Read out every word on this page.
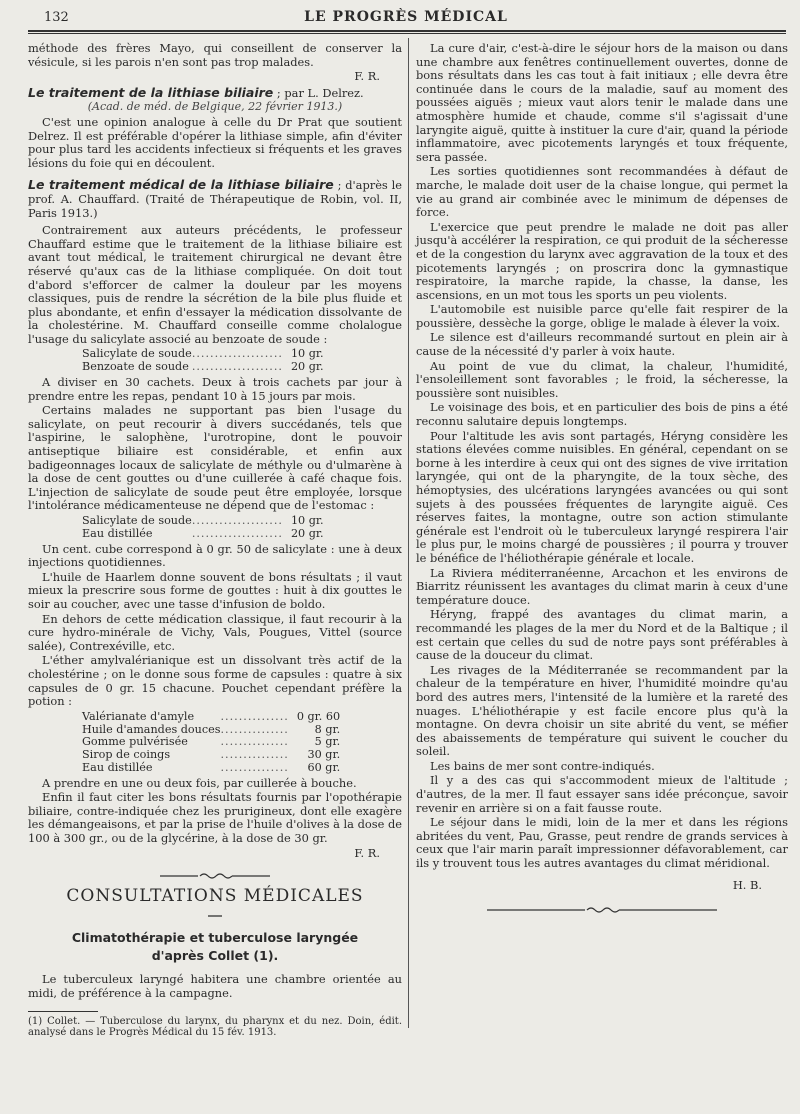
132	LE PROGRÈS MÉDICAL

méthode des frères Mayo, qui conseillent de conserver la vésicule, si les parois n'en sont pas trop malades.

F. R.

Le traitement de la lithiase biliaire ; par L. Delrez.
(Acad. de méd. de Belgique, 22 février 1913.)

C'est une opinion analogue à celle du Dr Prat que soutient Delrez. Il est préférable d'opérer la lithiase simple, afin d'éviter pour plus tard les accidents infectieux si fréquents et les graves lésions du foie qui en découlent.

Le traitement médical de la lithiase biliaire ; d'après le prof. A. Chauffard. (Traité de Thérapeutique de Robin, vol. II, Paris 1913.)

Contrairement aux auteurs précédents, le professeur Chauffard estime que le traitement de la lithiase biliaire est avant tout médical, le traitement chirurgical ne devant être réservé qu'aux cas de la lithiase compliquée. On doit tout d'abord s'efforcer de calmer la douleur par les moyens classiques, puis de rendre la sécrétion de la bile plus fluide et plus abondante, et enfin d'essayer la médication dissolvante de la cholestérine. M. Chauffard conseille comme cholalogue l'usage du salicylate associé au benzoate de soude :

Salicylate de soude	....................	10 gr.
Benzoate de soude	....................	20 gr.

A diviser en 30 cachets. Deux à trois cachets par jour à prendre entre les repas, pendant 10 à 15 jours par mois.

Certains malades ne supportant pas bien l'usage du salicylate, on peut recourir à divers succédanés, tels que l'aspirine, le salophène, l'urotropine, dont le pouvoir antiseptique biliaire est considérable, et enfin aux badigeonnages locaux de salicylate de méthyle ou d'ulmarène à la dose de cent gouttes ou d'une cuillerée à café chaque fois. L'injection de salicylate de soude peut être employée, lorsque l'intolérance médicamenteuse ne dépend que de l'estomac :

Salicylate de soude	....................	10 gr.
Eau distillée	....................	20 gr.

Un cent. cube correspond à 0 gr. 50 de salicylate : une à deux injections quotidiennes.

L'huile de Haarlem donne souvent de bons résultats ; il vaut mieux la prescrire sous forme de gouttes : huit à dix gouttes le soir au coucher, avec une tasse d'infusion de boldo.

En dehors de cette médication classique, il faut recourir à la cure hydro-minérale de Vichy, Vals, Pougues, Vittel (source salée), Contrexéville, etc.

L'éther amylvalérianique est un dissolvant très actif de la cholestérine ; on le donne sous forme de capsules : quatre à six capsules de 0 gr. 15 chacune. Pouchet cependant préfère la potion :

Valérianate d'amyle	...............	0 gr. 60
Huile d'amandes douces	...............	8 gr.
Gomme pulvérisée	...............	5 gr.
Sirop de coings	...............	30 gr.
Eau distillée	...............	60 gr.

A prendre en une ou deux fois, par cuillerée à bouche.

Enfin il faut citer les bons résultats fournis par l'opothérapie biliaire, contre-indiquée chez les prurigineux, dont elle exagère les démangeaisons, et par la prise de l'huile d'olives à la dose de 100 à 300 gr., ou de la glycérine, à la dose de 30 gr.

F. R.

CONSULTATIONS MÉDICALES
Climatothérapie et tuberculose laryngée
d'après Collet (1).

Le tuberculeux laryngé habitera une chambre orientée au midi, de préférence à la campagne.

(1) Collet. — Tuberculose du larynx, du pharynx et du nez. Doin, édit. analysé dans le Progrès Médical du 15 fév. 1913.

La cure d'air, c'est-à-dire le séjour hors de la maison ou dans une chambre aux fenêtres continuellement ouvertes, donne de bons résultats dans les cas tout à fait initiaux ; elle devra être continuée dans le cours de la maladie, sauf au moment des poussées aiguës ; mieux vaut alors tenir le malade dans une atmosphère humide et chaude, comme s'il s'agissait d'une laryngite aiguë, quitte à instituer la cure d'air, quand la période inflammatoire, avec picotements laryngés et toux fréquente, sera passée.

Les sorties quotidiennes sont recommandées à défaut de marche, le malade doit user de la chaise longue, qui permet la vie au grand air combinée avec le minimum de dépenses de force.

L'exercice que peut prendre le malade ne doit pas aller jusqu'à accélérer la respiration, ce qui produit de la sécheresse et de la congestion du larynx avec aggravation de la toux et des picotements laryngés ; on proscrira donc la gymnastique respiratoire, la marche rapide, la chasse, la danse, les ascensions, en un mot tous les sports un peu violents.

L'automobile est nuisible parce qu'elle fait respirer de la poussière, dessèche la gorge, oblige le malade à élever la voix.

Le silence est d'ailleurs recommandé surtout en plein air à cause de la nécessité d'y parler à voix haute.

Au point de vue du climat, la chaleur, l'humidité, l'ensoleillement sont favorables ; le froid, la sécheresse, la poussière sont nuisibles.

Le voisinage des bois, et en particulier des bois de pins a été reconnu salutaire depuis longtemps.

Pour l'altitude les avis sont partagés, Héryng considère les stations élevées comme nuisibles. En général, cependant on se borne à les interdire à ceux qui ont des signes de vive irritation laryngée, qui ont de la pharyngite, de la toux sèche, des hémoptysies, des ulcérations laryngées avancées ou qui sont sujets à des poussées fréquentes de laryngite aiguë. Ces réserves faites, la montagne, outre son action stimulante générale est l'endroit où le tuberculeux laryngé respirera l'air le plus pur, le moins chargé de poussières ; il pourra y trouver le bénéfice de l'héliothérapie générale et locale.

La Riviera méditerranéenne, Arcachon et les environs de Biarritz réunissent les avantages du climat marin à ceux d'une température douce.

Héryng, frappé des avantages du climat marin, a recommandé les plages de la mer du Nord et de la Baltique ; il est certain que celles du sud de notre pays sont préférables à cause de la douceur du climat.

Les rivages de la Méditerranée se recommandent par la chaleur de la température en hiver, l'humidité moindre qu'au bord des autres mers, l'intensité de la lumière et la rareté des nuages. L'héliothérapie y est facile encore plus qu'à la montagne. On devra choisir un site abrité du vent, se méfier des abaissements de température qui suivent le coucher du soleil.

Les bains de mer sont contre-indiqués.

Il y a des cas qui s'accommodent mieux de l'altitude ; d'autres, de la mer. Il faut essayer sans idée préconçue, savoir revenir en arrière si on a fait fausse route.

Le séjour dans le midi, loin de la mer et dans les régions abritées du vent, Pau, Grasse, peut rendre de grands services à ceux que l'air marin paraît impressionner défavorablement, car ils y trouvent tous les autres avantages du climat méridional.

H. B.
